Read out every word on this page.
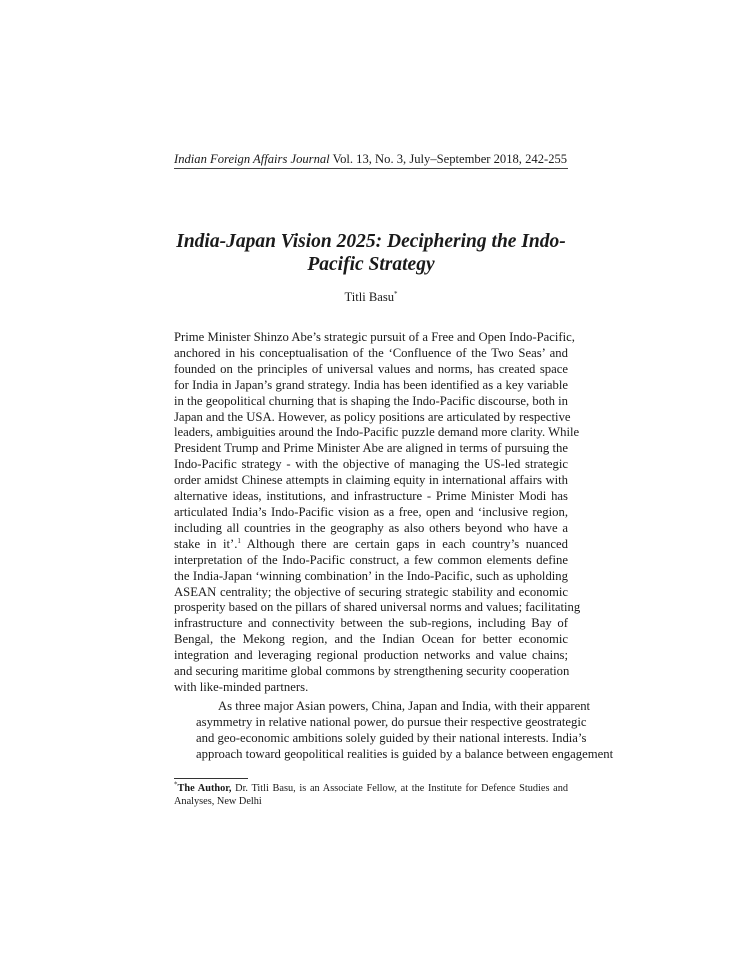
Indian Foreign Affairs Journal Vol. 13, No. 3, July–September 2018, 242-255
India-Japan Vision 2025: Deciphering the Indo-
Pacific Strategy
Titli Basu*

Prime Minister Shinzo Abe’s strategic pursuit of a Free and Open Indo-Pacific,
anchored in his conceptualisation of the ‘Confluence of the Two Seas’ and
founded on the principles of universal values and norms, has created space
for India in Japan’s grand strategy. India has been identified as a key variable
in the geopolitical churning that is shaping the Indo-Pacific discourse, both in
Japan and the USA. However, as policy positions are articulated by respective
leaders, ambiguities around the Indo-Pacific puzzle demand more clarity. While
President Trump and Prime Minister Abe are aligned in terms of pursuing the
Indo-Pacific strategy - with the objective of managing the US-led strategic
order amidst Chinese attempts in claiming equity in international affairs with
alternative ideas, institutions, and infrastructure - Prime Minister Modi has
articulated India’s Indo-Pacific vision as a free, open and ‘inclusive region,
including all countries in the geography as also others beyond who have a
stake in it’.$^1$ Although there are certain gaps in each country’s nuanced
interpretation of the Indo-Pacific construct, a few common elements define
the India-Japan ‘winning combination’ in the Indo-Pacific, such as upholding
ASEAN centrality; the objective of securing strategic stability and economic
prosperity based on the pillars of shared universal norms and values; facilitating
infrastructure and connectivity between the sub-regions, including Bay of
Bengal, the Mekong region, and the Indian Ocean for better economic
integration and leveraging regional production networks and value chains;
and securing maritime global commons by strengthening security cooperation
with like-minded partners.

As three major Asian powers, China, Japan and India, with their apparent
asymmetry in relative national power, do pursue their respective geostrategic
and geo-economic ambitions solely guided by their national interests. India’s
approach toward geopolitical realities is guided by a balance between engagement

*The Author, Dr. Titli Basu, is an Associate Fellow, at the Institute for Defence Studies and Analyses, New Delhi
